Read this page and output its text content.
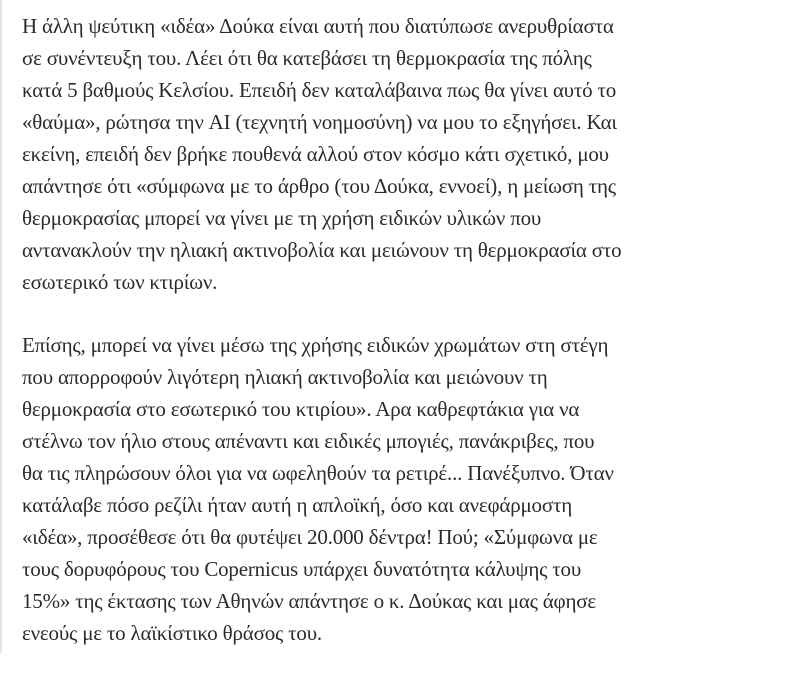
Η άλλη ψεύτικη «ιδέα» Δούκα είναι αυτή που διατύπωσε ανερυθρίαστα
σε συνέντευξη του. Λέει ότι θα κατεβάσει τη θερμοκρασία της πόλης
κατά 5 βαθμούς Κελσίου. Επειδή δεν καταλάβαινα πως θα γίνει αυτό το
«θαύμα», ρώτησα την AI (τεχνητή νοημοσύνη) να μου το εξηγήσει. Και
εκείνη, επειδή δεν βρήκε πουθενά αλλού στον κόσμο κάτι σχετικό, μου
απάντησε ότι «σύμφωνα με το άρθρο (του Δούκα, εννοεί), η μείωση της
θερμοκρασίας μπορεί να γίνει με τη χρήση ειδικών υλικών που
αντανακλούν την ηλιακή ακτινοβολία και μειώνουν τη θερμοκρασία στο
εσωτερικό των κτιρίων.

Επίσης, μπορεί να γίνει μέσω της χρήσης ειδικών χρωμάτων στη στέγη
που απορροφούν λιγότερη ηλιακή ακτινοβολία και μειώνουν τη
θερμοκρασία στο εσωτερικό του κτιρίου». Αρα καθρεφτάκια για να
στέλνω τον ήλιο στους απέναντι και ειδικές μπογιές, πανάκριβες, που
θα τις πληρώσουν όλοι για να ωφεληθούν τα ρετιρέ... Πανέξυπνο. Όταν
κατάλαβε πόσο ρεζίλι ήταν αυτή η απλοϊκή, όσο και ανεφάρμοστη
«ιδέα», προσέθεσε ότι θα φυτέψει 20.000 δέντρα! Πού; «Σύμφωνα με
τους δορυφόρους του Copernicus υπάρχει δυνατότητα κάλυψης του
15%» της έκτασης των Αθηνών απάντησε ο κ. Δούκας και μας άφησε
ενεούς με το λαϊκίστικο θράσος του.
